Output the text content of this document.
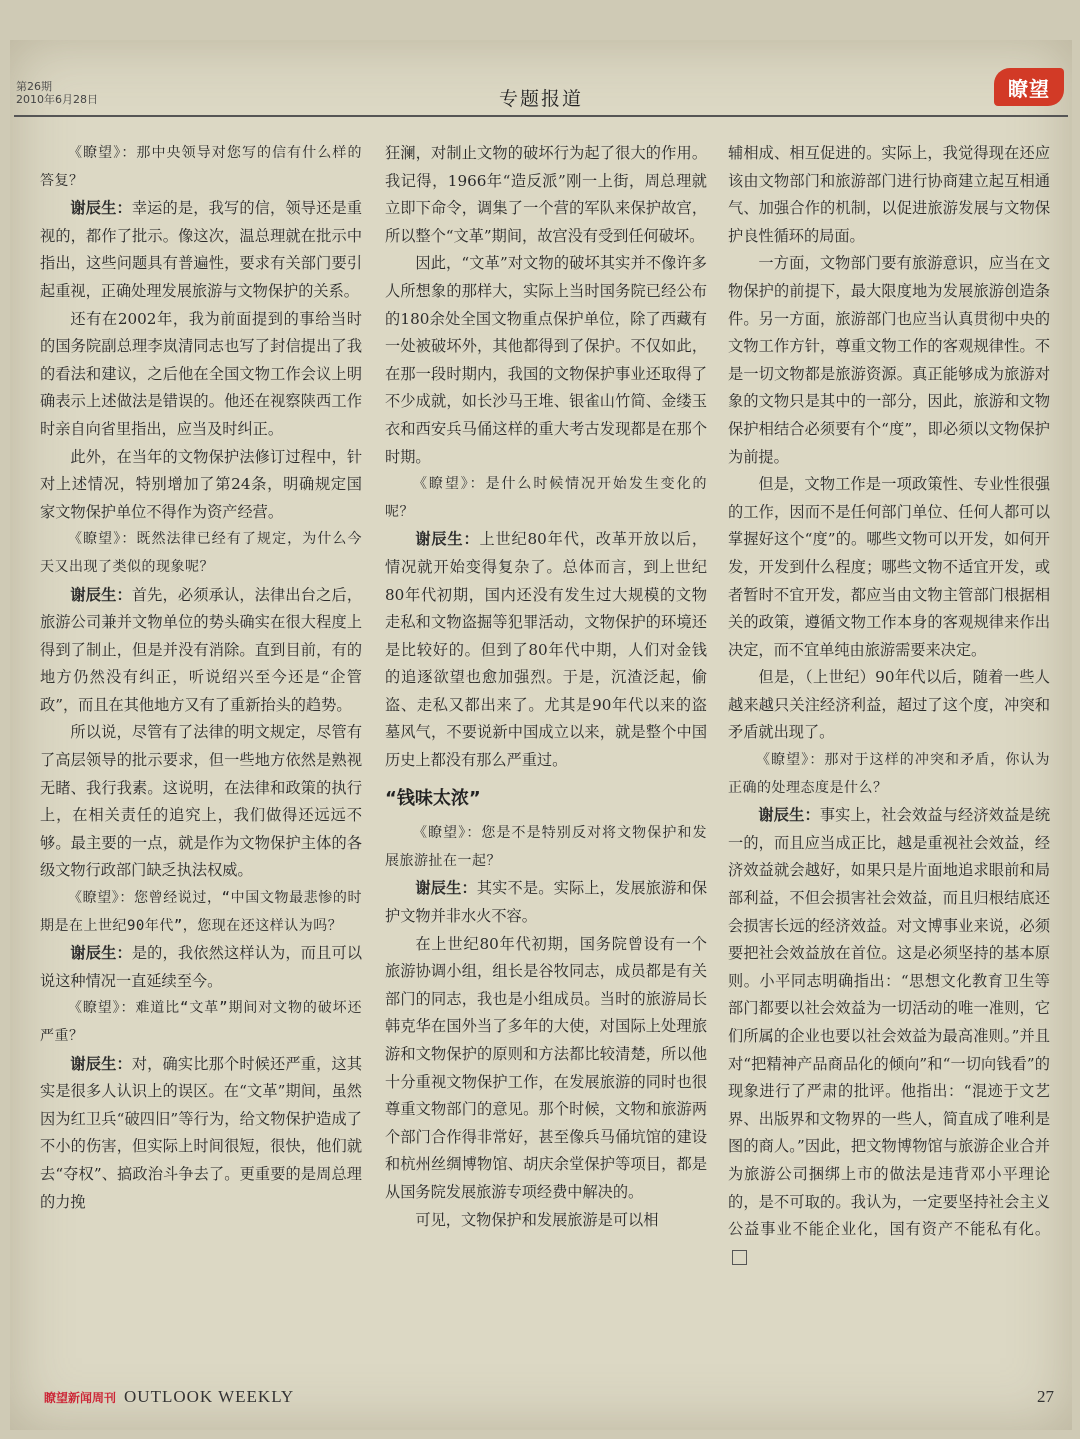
第26期
2010年6月28日	专题报道	瞭望

《瞭望》：那中央领导对您写的信有什么样的答复？

谢辰生：幸运的是，我写的信，领导还是重视的，都作了批示。像这次，温总理就在批示中指出，这些问题具有普遍性，要求有关部门要引起重视，正确处理发展旅游与文物保护的关系。

还有在2002年，我为前面提到的事给当时的国务院副总理李岚清同志也写了封信提出了我的看法和建议，之后他在全国文物工作会议上明确表示上述做法是错误的。他还在视察陕西工作时亲自向省里指出，应当及时纠正。

此外，在当年的文物保护法修订过程中，针对上述情况，特别增加了第24条，明确规定国家文物保护单位不得作为资产经营。

《瞭望》：既然法律已经有了规定，为什么今天又出现了类似的现象呢？

谢辰生：首先，必须承认，法律出台之后，旅游公司兼并文物单位的势头确实在很大程度上得到了制止，但是并没有消除。直到目前，有的地方仍然没有纠正，听说绍兴至今还是“企管政”，而且在其他地方又有了重新抬头的趋势。

所以说，尽管有了法律的明文规定，尽管有了高层领导的批示要求，但一些地方依然是熟视无睹、我行我素。这说明，在法律和政策的执行上，在相关责任的追究上，我们做得还远远不够。最主要的一点，就是作为文物保护主体的各级文物行政部门缺乏执法权威。

《瞭望》：您曾经说过，“中国文物最悲惨的时期是在上世纪90年代”，您现在还这样认为吗？

谢辰生：是的，我依然这样认为，而且可以说这种情况一直延续至今。

《瞭望》：难道比“文革”期间对文物的破坏还严重？

谢辰生：对，确实比那个时候还严重，这其实是很多人认识上的误区。在“文革”期间，虽然因为红卫兵“破四旧”等行为，给文物保护造成了不小的伤害，但实际上时间很短，很快，他们就去“夺权”、搞政治斗争去了。更重要的是周总理的力挽

狂澜，对制止文物的破坏行为起了很大的作用。我记得，1966年“造反派”刚一上街，周总理就立即下命令，调集了一个营的军队来保护故宫，所以整个“文革”期间，故宫没有受到任何破坏。

因此，“文革”对文物的破坏其实并不像许多人所想象的那样大，实际上当时国务院已经公布的180余处全国文物重点保护单位，除了西藏有一处被破坏外，其他都得到了保护。不仅如此，在那一段时期内，我国的文物保护事业还取得了不少成就，如长沙马王堆、银雀山竹简、金缕玉衣和西安兵马俑这样的重大考古发现都是在那个时期。

《瞭望》：是什么时候情况开始发生变化的呢？

谢辰生：上世纪80年代，改革开放以后，情况就开始变得复杂了。总体而言，到上世纪80年代初期，国内还没有发生过大规模的文物走私和文物盗掘等犯罪活动，文物保护的环境还是比较好的。但到了80年代中期，人们对金钱的追逐欲望也愈加强烈。于是，沉渣泛起，偷盗、走私又都出来了。尤其是90年代以来的盗墓风气，不要说新中国成立以来，就是整个中国历史上都没有那么严重过。

“钱味太浓”

《瞭望》：您是不是特别反对将文物保护和发展旅游扯在一起？

谢辰生：其实不是。实际上，发展旅游和保护文物并非水火不容。

在上世纪80年代初期，国务院曾设有一个旅游协调小组，组长是谷牧同志，成员都是有关部门的同志，我也是小组成员。当时的旅游局长韩克华在国外当了多年的大使，对国际上处理旅游和文物保护的原则和方法都比较清楚，所以他十分重视文物保护工作，在发展旅游的同时也很尊重文物部门的意见。那个时候，文物和旅游两个部门合作得非常好，甚至像兵马俑坑馆的建设和杭州丝绸博物馆、胡庆余堂保护等项目，都是从国务院发展旅游专项经费中解决的。

可见，文物保护和发展旅游是可以相

辅相成、相互促进的。实际上，我觉得现在还应该由文物部门和旅游部门进行协商建立起互相通气、加强合作的机制，以促进旅游发展与文物保护良性循环的局面。

一方面，文物部门要有旅游意识，应当在文物保护的前提下，最大限度地为发展旅游创造条件。另一方面，旅游部门也应当认真贯彻中央的文物工作方针，尊重文物工作的客观规律性。不是一切文物都是旅游资源。真正能够成为旅游对象的文物只是其中的一部分，因此，旅游和文物保护相结合必须要有个“度”，即必须以文物保护为前提。

但是，文物工作是一项政策性、专业性很强的工作，因而不是任何部门单位、任何人都可以掌握好这个“度”的。哪些文物可以开发，如何开发，开发到什么程度；哪些文物不适宜开发，或者暂时不宜开发，都应当由文物主管部门根据相关的政策，遵循文物工作本身的客观规律来作出决定，而不宜单纯由旅游需要来决定。

但是，（上世纪）90年代以后，随着一些人越来越只关注经济利益，超过了这个度，冲突和矛盾就出现了。

《瞭望》：那对于这样的冲突和矛盾，你认为正确的处理态度是什么？

谢辰生：事实上，社会效益与经济效益是统一的，而且应当成正比，越是重视社会效益，经济效益就会越好，如果只是片面地追求眼前和局部利益，不但会损害社会效益，而且归根结底还会损害长远的经济效益。对文博事业来说，必须要把社会效益放在首位。这是必须坚持的基本原则。小平同志明确指出：“思想文化教育卫生等部门都要以社会效益为一切活动的唯一准则，它们所属的企业也要以社会效益为最高准则。”并且对“把精神产品商品化的倾向”和“一切向钱看”的现象进行了严肃的批评。他指出：“混迹于文艺界、出版界和文物界的一些人，简直成了唯利是图的商人。”因此，把文物博物馆与旅游企业合并为旅游公司捆绑上市的做法是违背邓小平理论的，是不可取的。我认为，一定要坚持社会主义公益事业不能企业化，国有资产不能私有化。

瞭望新闻周刊 OUTLOOK WEEKLY	27
